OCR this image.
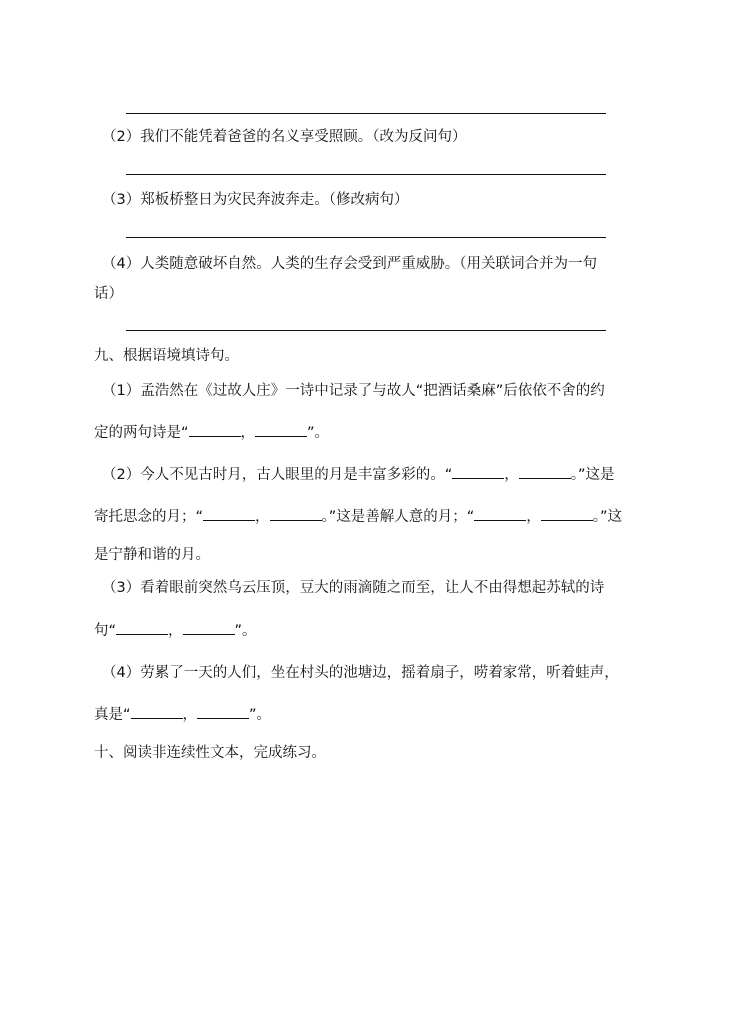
（2）我们不能凭着爸爸的名义享受照顾。（改为反问句）
（3）郑板桥整日为灾民奔波奔走。（修改病句）
（4）人类随意破坏自然。人类的生存会受到严重威胁。（用关联词合并为一句
话）
九、根据语境填诗句。
（1）孟浩然在《过故人庄》一诗中记录了与故人“把酒话桑麻”后依依不舍的约
定的两句诗是“	，	”。
（2）今人不见古时月，古人眼里的月是丰富多彩的。“	，	。”这是
寄托思念的月；“	，	。”这是善解人意的月；“	，	。”这
是宁静和谐的月。
（3）看着眼前突然乌云压顶，豆大的雨滴随之而至，让人不由得想起苏轼的诗
句“	，	”。
（4）劳累了一天的人们，坐在村头的池塘边，摇着扇子，唠着家常，听着蛙声，
真是“	，	”。
十、阅读非连续性文本，完成练习。
